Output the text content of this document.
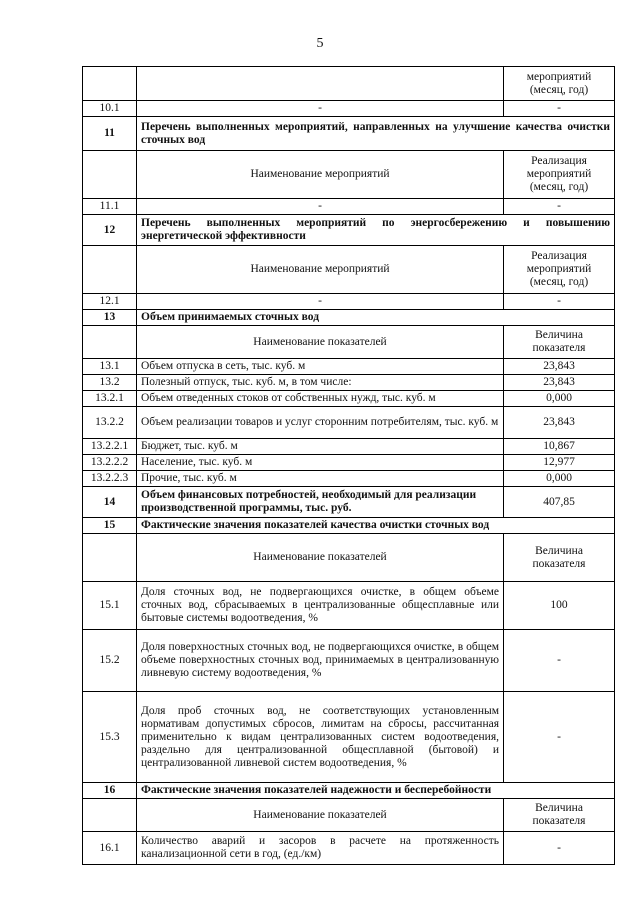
5
		мероприятий (месяц, год)
10.1	-	-
11	Перечень выполненных мероприятий, направленных на улучшение качества очистки сточных вод	
	Наименование мероприятий	Реализация мероприятий (месяц, год)
11.1	-	-
12	Перечень выполненных мероприятий по энергосбережению и повышению энергетической эффективности	
	Наименование мероприятий	Реализация мероприятий (месяц, год)
12.1	-	-
13	Объем принимаемых сточных вод	
	Наименование показателей	Величина показателя
13.1	Объем отпуска в сеть, тыс. куб. м	23,843
13.2	Полезный отпуск, тыс. куб. м, в том числе:	23,843
13.2.1	Объем отведенных стоков от собственных нужд, тыс. куб. м	0,000
13.2.2	Объем реализации товаров и услуг сторонним потребителям, тыс. куб. м	23,843
13.2.2.1	Бюджет, тыс. куб. м	10,867
13.2.2.2	Население, тыс. куб. м	12,977
13.2.2.3	Прочие, тыс. куб. м	0,000
14	Объем финансовых потребностей, необходимый для реализации производственной программы, тыс. руб.	407,85
15	Фактические значения показателей качества очистки сточных вод	
	Наименование показателей	Величина показателя
15.1	Доля сточных вод, не подвергающихся очистке, в общем объеме сточных вод, сбрасываемых в централизованные общесплавные или бытовые системы водоотведения, %	100
15.2	Доля поверхностных сточных вод, не подвергающихся очистке, в общем объеме поверхностных сточных вод, принимаемых в централизованную ливневую систему водоотведения, %	-
15.3	Доля проб сточных вод, не соответствующих установленным нормативам допустимых сбросов, лимитам на сбросы, рассчитанная применительно к видам централизованных систем водоотведения, раздельно для централизованной общесплавной (бытовой) и централизованной ливневой систем водоотведения, %	-
16	Фактические значения показателей надежности и бесперебойности	
	Наименование показателей	Величина показателя
16.1	Количество аварий и засоров в расчете на протяженность канализационной сети в год, (ед./км)	-
